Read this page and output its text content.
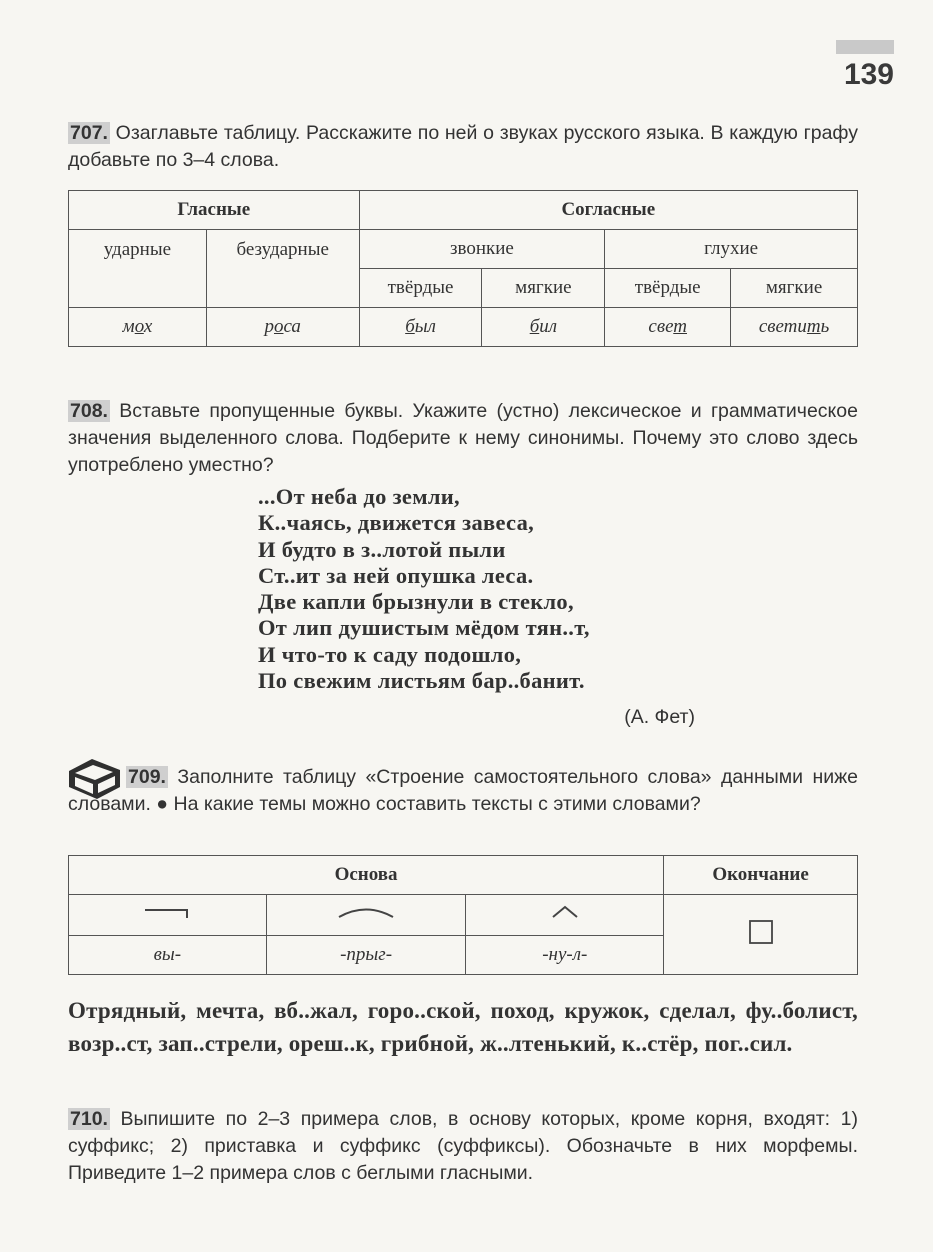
139
707. Озаглавьте таблицу. Расскажите по ней о звуках русского языка. В каждую графу добавьте по 3–4 слова.
Гласные		Согласные			
ударные	безударные	звонкие		глухие	
		твёрдые	мягкие	твёрдые	мягкие
мох	роса	был	бил	свет	светить
708. Вставьте пропущенные буквы. Укажите (устно) лексическое и грамматическое значения выделенного слова. Подберите к нему синонимы. Почему это слово здесь употреблено уместно?
...От неба до земли,
К..чаясь, движется завеса,
И будто в з..лотой пыли
Ст..ит за ней опушка леса.
Две капли брызнули в стекло,
От лип душистым мёдом тян..т,
И что-то к саду подошло,
По свежим листьям бар..банит.
(А. Фет)
709. Заполните таблицу «Строение самостоятельного слова» данными ниже словами. ● На какие темы можно составить тексты с этими словами?
Основа			Окончание

вы-	-прыг-	-ну-л-	
Отрядный, мечта, вб..жал, горо..ской, поход, кружок, сделал, фу..болист, возр..ст, зап..стрели, ореш..к, грибной, ж..лтенький, к..стёр, пог..сил.
710. Выпишите по 2–3 примера слов, в основу которых, кроме корня, входят: 1) суффикс; 2) приставка и суффикс (суффиксы). Обозначьте в них морфемы. Приведите 1–2 примера слов с беглыми гласными.
